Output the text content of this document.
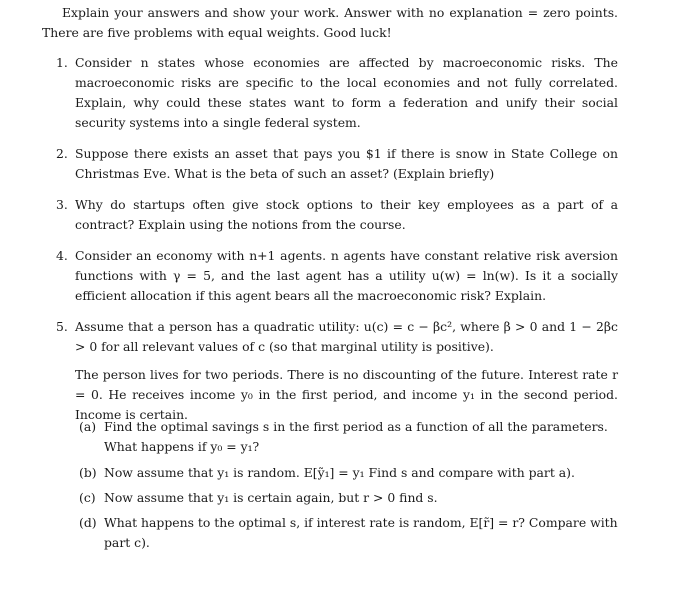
Explain your answers and show your work. Answer with no explanation = zero points. There are five problems with equal weights. Good luck!
1. Consider n states whose economies are affected by macroeconomic risks. The macroeconomic risks are specific to the local economies and not fully correlated. Explain, why could these states want to form a federation and unify their social security systems into a single federal system.
2. Suppose there exists an asset that pays you $1 if there is snow in State College on Christmas Eve. What is the beta of such an asset? (Explain briefly)
3. Why do startups often give stock options to their key employees as a part of a contract? Explain using the notions from the course.
4. Consider an economy with n+1 agents. n agents have constant relative risk aversion functions with γ = 5, and the last agent has a utility u(w) = ln(w). Is it a socially efficient allocation if this agent bears all the macroeconomic risk? Explain.
5. Assume that a person has a quadratic utility: u(c) = c − βc², where β > 0 and 1 − 2βc > 0 for all relevant values of c (so that marginal utility is positive).
The person lives for two periods. There is no discounting of the future. Interest rate r = 0. He receives income y₀ in the first period, and income y₁ in the second period. Income is certain.
(a) Find the optimal savings s in the first period as a function of all the parameters. What happens if y₀ = y₁?
(b) Now assume that y₁ is random. E[ỹ₁] = y₁ Find s and compare with part a).
(c) Now assume that y₁ is certain again, but r > 0 find s.
(d) What happens to the optimal s, if interest rate is random, E[r̃] = r? Compare with part c).
